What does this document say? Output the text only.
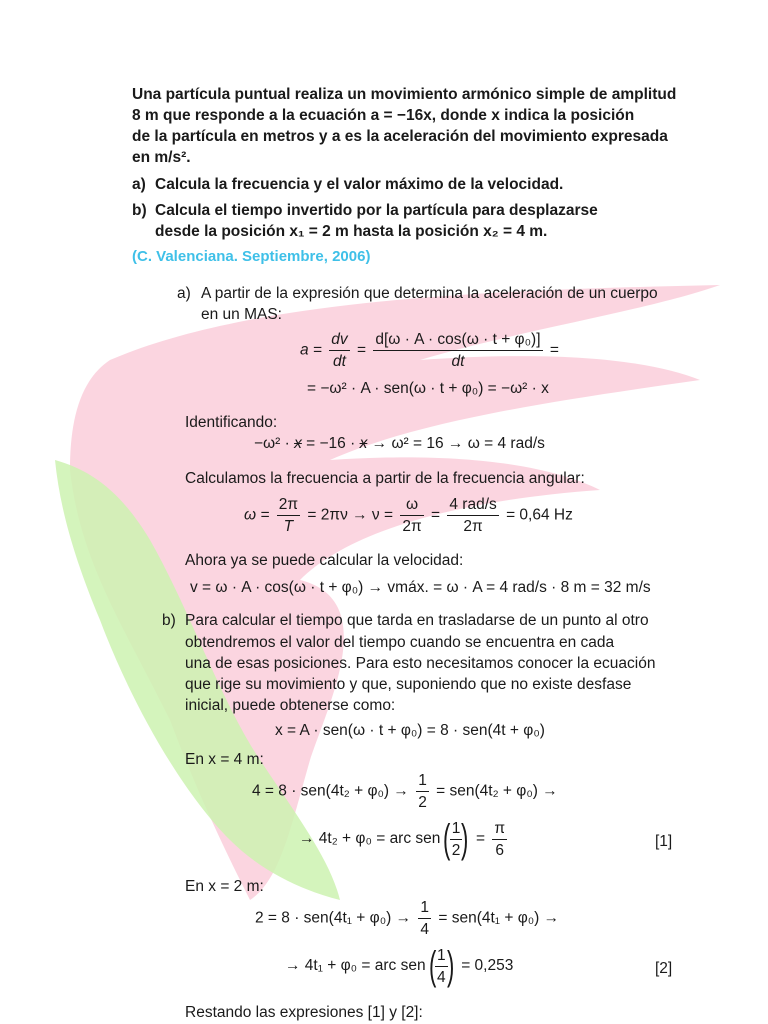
Una partícula puntual realiza un movimiento armónico simple de amplitud
8 m que responde a la ecuación a = −16x, donde x indica la posición
de la partícula en metros y a es la aceleración del movimiento expresada
en m/s².
a) Calcula la frecuencia y el valor máximo de la velocidad.
b) Calcula el tiempo invertido por la partícula para desplazarse
desde la posición x₁ = 2 m hasta la posición x₂ = 4 m.
(C. Valenciana. Septiembre, 2006)
a) A partir de la expresión que determina la aceleración de un cuerpo
en un MAS:
$a = \frac{dv}{dt} = \frac{\text{d[ω · A · cos(ω · t + φ₀)]}}{dt}$ =
= −ω² · A · sen(ω · t + φ₀) = −ω² · x
Identificando:
−ω² · x = −16 · x → ω² = 16 → ω = 4 rad/s
Calculamos la frecuencia a partir de la frecuencia angular:
$\omega = \frac{2\pi}{T} = 2\pi\nu \to \nu = \frac{\omega}{2\pi} = \frac{\text{4 rad/s}}{2\pi} = 0,64$ Hz
Ahora ya se puede calcular la velocidad:
v = ω · A · cos(ω · t + φ₀) → vmáx. = ω · A = 4 rad/s · 8 m = 32 m/s
b) Para calcular el tiempo que tarda en trasladarse de un punto al otro
obtendremos el valor del tiempo cuando se encuentra en cada
una de esas posiciones. Para esto necesitamos conocer la ecuación
que rige su movimiento y que, suponiendo que no existe desfase
inicial, puede obtenerse como:
x = A · sen(ω · t + φ₀) = 8 · sen(4t + φ₀)
En x = 4 m:
$4 = 8 \cdot sen(4t_2 + \varphi_0) \to \frac{1}{2} = sen(4t_2 + \varphi_0)$ →
→ 4t₂ + φ₀ = arc sen(
$\frac{1}{2}$
) = $\frac{\pi}{6}$	[1]
En x = 2 m:
$2 = 8 \cdot sen(4t_1 + \varphi_0) \to \frac{1}{4} = sen(4t_1 + \varphi_0)$ →
→ 4t₁ + φ₀ = arc sen(
$\frac{1}{4}$
) = 0,253	[2]
Restando las expresiones [1] y [2]:
